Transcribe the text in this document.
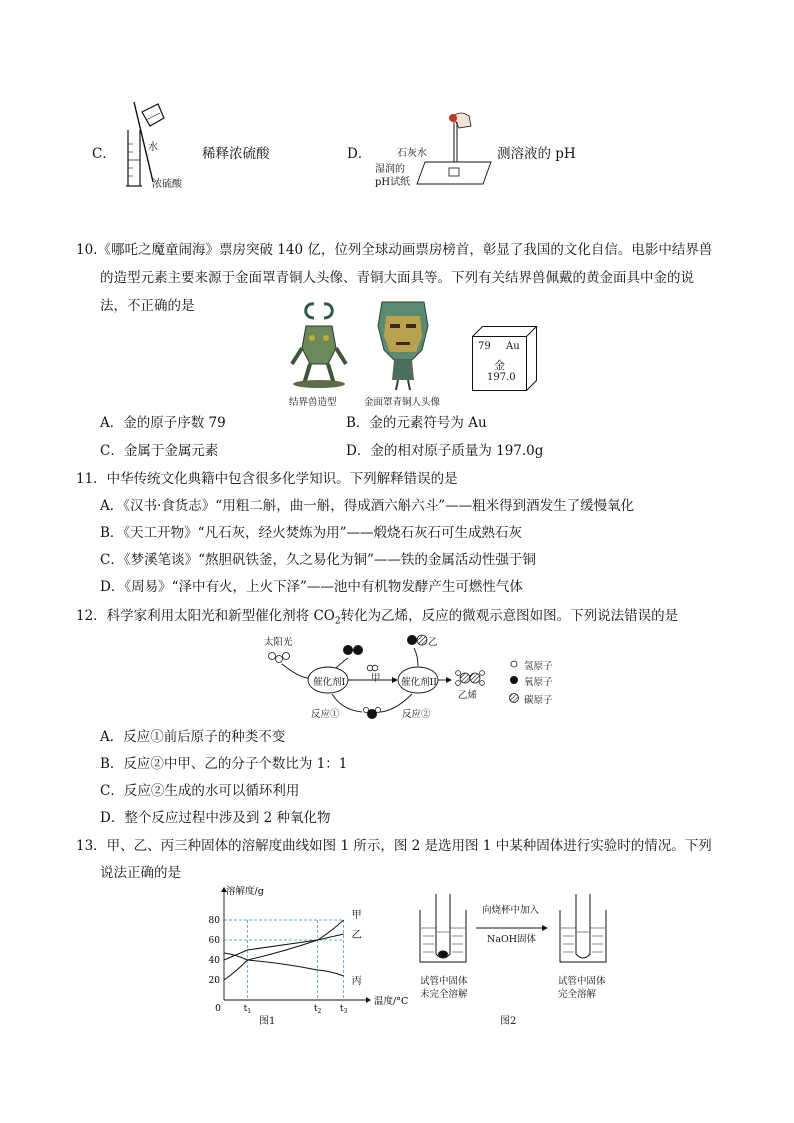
C．	水
浓硫酸
稀释浓硫酸	D．	石灰水
湿润的
pH试纸
测溶液的 pH
10.《哪吒之魔童闹海》票房突破 140 亿，位列全球动画票房榜首，彰显了我国的文化自信。电影中结界兽
的造型元素主要来源于金面罩青铜人头像、青铜大面具等。下列有关结界兽佩戴的黄金面具中金的说
法，不正确的是
结界兽造型	金面罩青铜人头像
79 Au
金
197.0
A．金的原子序数 79	B．金的元素符号为 Au
C．金属于金属元素	D．金的相对原子质量为 197.0g
11．中华传统文化典籍中包含很多化学知识。下列解释错误的是
A．《汉书·食货志》“用粗二斛，曲一斛，得成酒六斛六斗”——粗米得到酒发生了缓慢氧化
B．《天工开物》“凡石灰，经火焚炼为用”——煅烧石灰石可生成熟石灰
C．《梦溪笔谈》“熬胆矾铁釜，久之易化为铜”——铁的金属活动性强于铜
D．《周易》“泽中有火，上火下泽”——池中有机物发酵产生可燃性气体
12．科学家利用太阳光和新型催化剂将 $CO_2$转化为乙烯，反应的微观示意图如图。下列说法错误的是
太阳光
催化剂I	催化剂II
甲
乙
乙烯
反应①	反应②
氢原子
氧原子
碳原子
A．反应①前后原子的种类不变
B．反应②中甲、乙的分子个数比为 1：1
C．反应②生成的水可以循环利用
D．整个反应过程中涉及到 2 种氧化物
13．甲、乙、丙三种固体的溶解度曲线如图 1 所示，图 2 是选用图 1 中某种固体进行实验时的情况。下列
说法正确的是
20
40
60
80
0	$t_1$	$t_2$ $t_3$
甲
乙
丙
溶解度/g
温度/°C
图1
向烧杯中加入
NaOH固体
试管中固体
未完全溶解
试管中固体
完全溶解
图2
